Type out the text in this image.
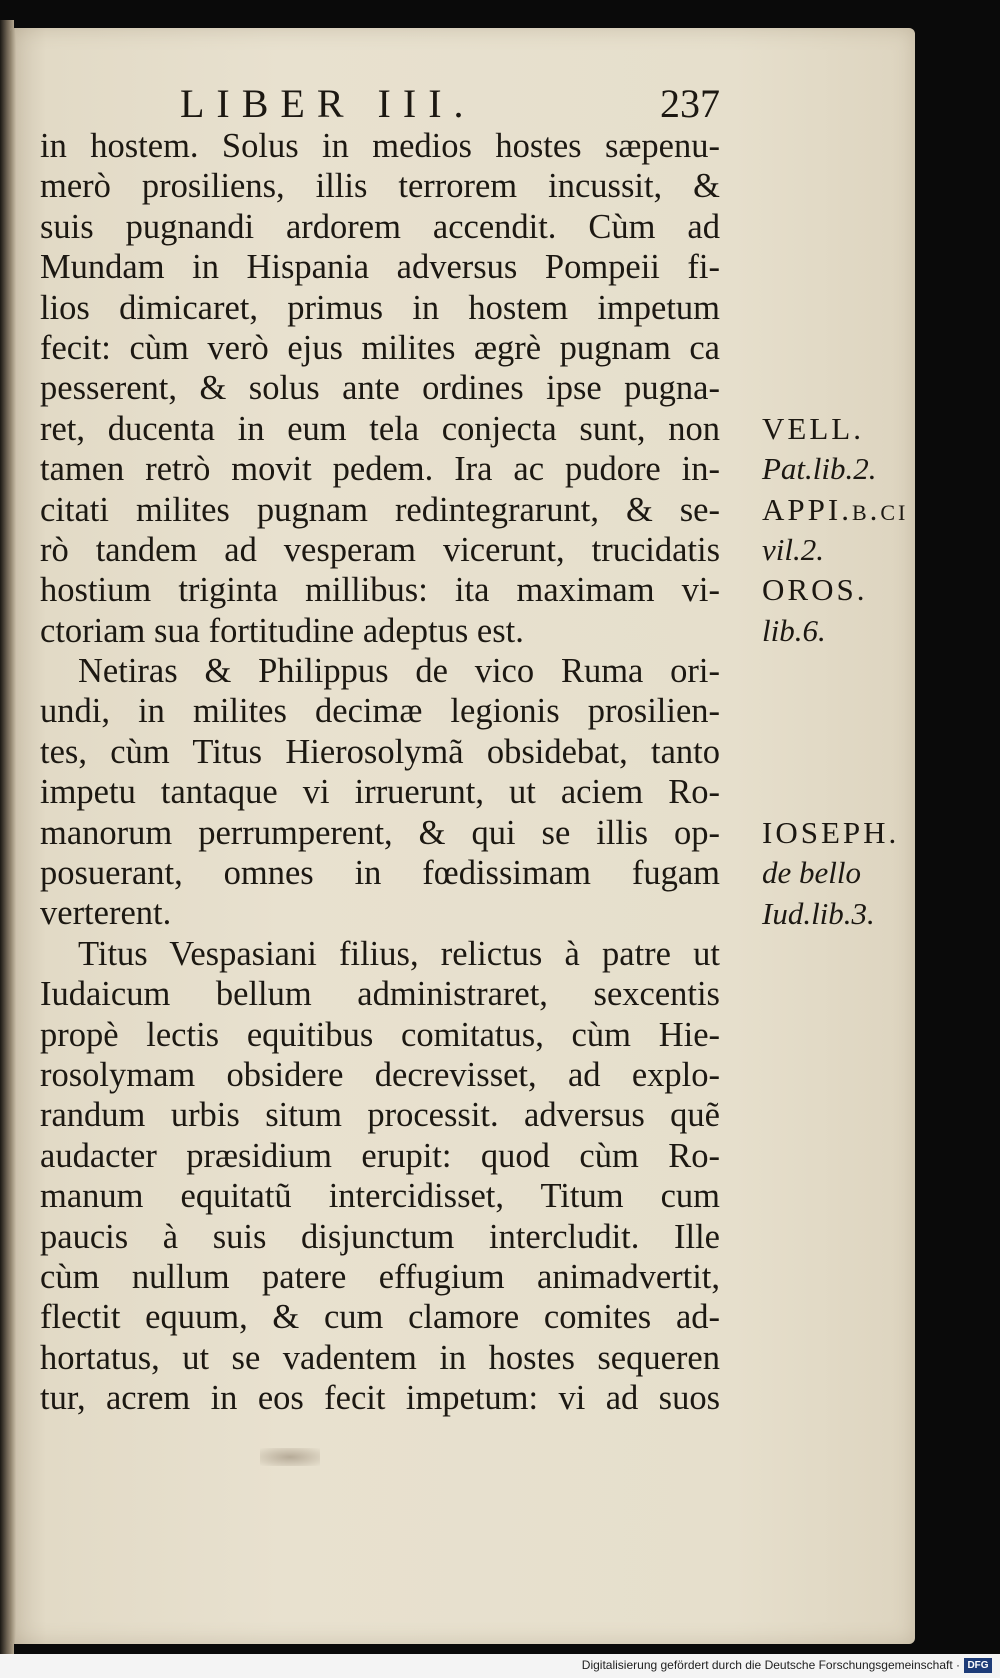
LIBER III.	237
in hostem. Solus in medios hostes sæpenu-
merò prosiliens, illis terrorem incussit, &
suis pugnandi ardorem accendit. Cùm ad
Mundam in Hispania adversus Pompeii fi-
lios dimicaret, primus in hostem impetum
fecit: cùm verò ejus milites ægrè pugnam ca
pesserent, & solus ante ordines ipse pugna-
ret, ducenta in eum tela conjecta sunt, non
tamen retrò movit pedem. Ira ac pudore in-
citati milites pugnam redintegrarunt, & se-
rò tandem ad vesperam vicerunt, trucidatis
hostium triginta millibus: ita maximam vi-
ctoriam sua fortitudine adeptus est.
Netiras & Philippus de vico Ruma ori-
undi, in milites decimæ legionis prosilien-
tes, cùm Titus Hierosolymã obsidebat, tanto
impetu tantaque vi irruerunt, ut aciem Ro-
manorum perrumperent, & qui se illis op-
posuerant, omnes in fœdissimam fugam
verterent.
Titus Vespasiani filius, relictus à patre ut
Iudaicum bellum administraret, sexcentis
propè lectis equitibus comitatus, cùm Hie-
rosolymam obsidere decrevisset, ad explo-
randum urbis situm processit. adversus quẽ
audacter præsidium erupit: quod cùm Ro-
manum equitatũ intercidisset, Titum cum
paucis à suis disjunctum intercludit. Ille
cùm nullum patere effugium animadvertit,
flectit equum, & cum clamore comites ad-
hortatus, ut se vadentem in hostes sequeren
tur, acrem in eos fecit impetum: vi ad suos
VELL.
Pat.lib.2.
APPI.b.ci
vil.2.
OROS.
lib.6.
IOSEPH.
de bello
Iud.lib.3.
Digitalisierung gefördert durch die Deutsche Forschungsgemeinschaft · DFG
